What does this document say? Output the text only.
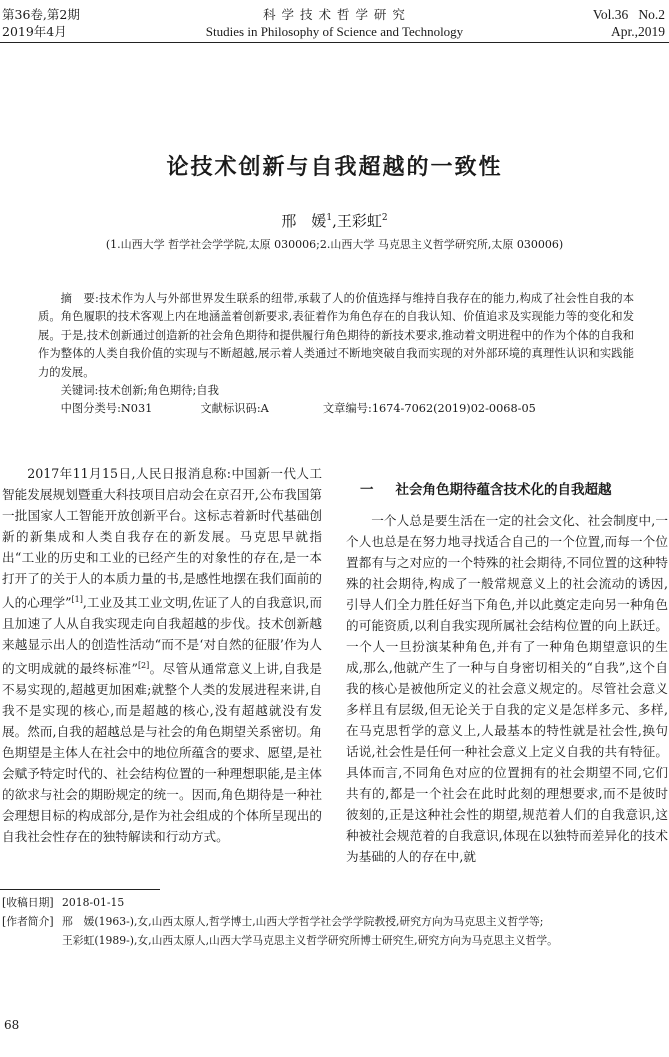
第36卷,第2期
2019年4月
科 学 技 术 哲 学 研 究
Studies in Philosophy of Science and Technology
Vol.36   No.2
Apr.,2019
论技术创新与自我超越的一致性
邢　媛$^1$,王彩虹$^2$
(1.山西大学 哲学社会学学院,太原 030006;2.山西大学 马克思主义哲学研究所,太原 030006)

摘　要:技术作为人与外部世界发生联系的纽带,承载了人的价值选择与维持自我存在的能力,构成了社会性自我的本质。角色履职的技术客观上内在地涵盖着创新要求,表征着作为角色存在的自我认知、价值追求及实现能力等的变化和发展。于是,技术创新通过创造新的社会角色期待和提供履行角色期待的新技术要求,推动着文明进程中的作为个体的自我和作为整体的人类自我价值的实现与不断超越,展示着人类通过不断地突破自我而实现的对外部环境的真理性认识和实践能力的发展。

关键词:技术创新;角色期待;自我

中图分类号:N031	文献标识码:A	文章编号:1674-7062(2019)02-0068-05

2017年11月15日,人民日报消息称:中国新一代人工智能发展规划暨重大科技项目启动会在京召开,公布我国第一批国家人工智能开放创新平台。这标志着新时代基础创新的新集成和人类自我存在的新发展。马克思早就指出“工业的历史和工业的已经产生的对象性的存在,是一本打开了的关于人的本质力量的书,是感性地摆在我们面前的人的心理学”[1],工业及其工业文明,佐证了人的自我意识,而且加速了人从自我实现走向自我超越的步伐。技术创新越来越显示出人的创造性活动“而不是‘对自然的征服’作为人的文明成就的最终标准”[2]。尽管从通常意义上讲,自我是不易实现的,超越更加困难;就整个人类的发展进程来讲,自我不是实现的核心,而是超越的核心,没有超越就没有发展。然而,自我的超越总是与社会的角色期望关系密切。角色期望是主体人在社会中的地位所蕴含的要求、愿望,是社会赋予特定时代的、社会结构位置的一种理想职能,是主体的欲求与社会的期盼规定的统一。因而,角色期待是一种社会理想目标的构成部分,是作为社会组成的个体所呈现出的自我社会性存在的独特解读和行动方式。

一 社会角色期待蕴含技术化的自我超越

一个人总是要生活在一定的社会文化、社会制度中,一个人也总是在努力地寻找适合自己的一个位置,而每一个位置都有与之对应的一个特殊的社会期待,不同位置的这种特殊的社会期待,构成了一般常规意义上的社会流动的诱因,引导人们全力胜任好当下角色,并以此奠定走向另一种角色的可能资质,以利自我实现所属社会结构位置的向上跃迁。一个人一旦扮演某种角色,并有了一种角色期望意识的生成,那么,他就产生了一种与自身密切相关的“自我”,这个自我的核心是被他所定义的社会意义规定的。尽管社会意义多样且有层级,但无论关于自我的定义是怎样多元、多样,在马克思哲学的意义上,人最基本的特性就是社会性,换句话说,社会性是任何一种社会意义上定义自我的共有特征。具体而言,不同角色对应的位置拥有的社会期望不同,它们共有的,都是一个社会在此时此刻的理想要求,而不是彼时彼刻的,正是这种社会性的期望,规范着人们的自我意识,这种被社会规范着的自我意识,体现在以独特而差异化的技术为基础的人的存在中,就

[收稿日期] 2018-01-15
[作者简介] 邢　媛(1963-),女,山西太原人,哲学博士,山西大学哲学社会学学院教授,研究方向为马克思主义哲学等;
王彩虹(1989-),女,山西太原人,山西大学马克思主义哲学研究所博士研究生,研究方向为马克思主义哲学。
68
